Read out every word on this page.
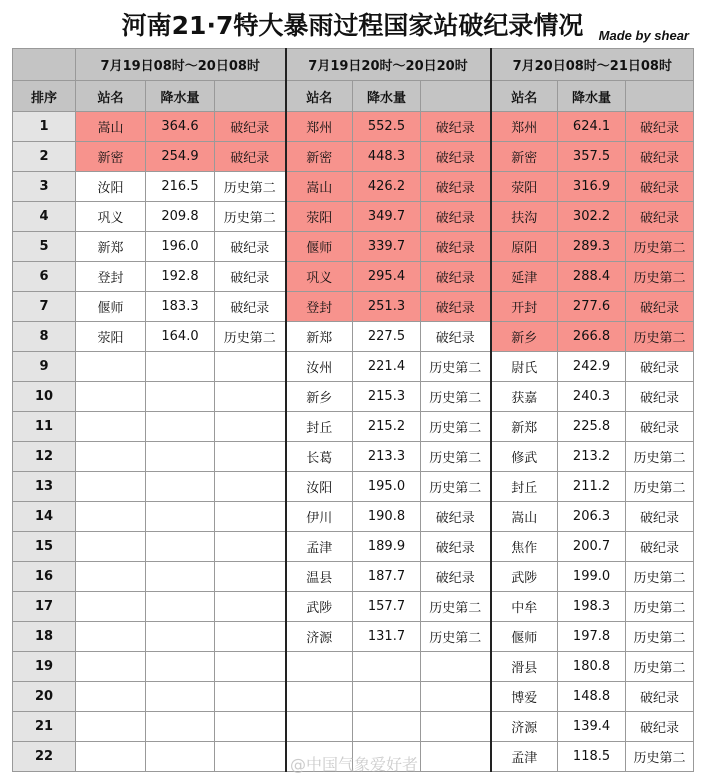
河南21·7特大暴雨过程国家站破纪录情况	Made by shear
	7月19日08时～20日08时			7月19日20时～20日20时			7月20日08时～21日08时		
排序	站名	降水量		站名	降水量		站名	降水量	
1	嵩山	364.6	破纪录	郑州	552.5	破纪录	郑州	624.1	破纪录
2	新密	254.9	破纪录	新密	448.3	破纪录	新密	357.5	破纪录
3	汝阳	216.5	历史第二	嵩山	426.2	破纪录	荥阳	316.9	破纪录
4	巩义	209.8	历史第二	荥阳	349.7	破纪录	扶沟	302.2	破纪录
5	新郑	196.0	破纪录	偃师	339.7	破纪录	原阳	289.3	历史第二
6	登封	192.8	破纪录	巩义	295.4	破纪录	延津	288.4	历史第二
7	偃师	183.3	破纪录	登封	251.3	破纪录	开封	277.6	破纪录
8	荥阳	164.0	历史第二	新郑	227.5	破纪录	新乡	266.8	历史第二
9				汝州	221.4	历史第二	尉氏	242.9	破纪录
10				新乡	215.3	历史第二	获嘉	240.3	破纪录
11				封丘	215.2	历史第二	新郑	225.8	破纪录
12				长葛	213.3	历史第二	修武	213.2	历史第二
13				汝阳	195.0	历史第二	封丘	211.2	历史第二
14				伊川	190.8	破纪录	嵩山	206.3	破纪录
15				孟津	189.9	破纪录	焦作	200.7	破纪录
16				温县	187.7	破纪录	武陟	199.0	历史第二
17				武陟	157.7	历史第二	中牟	198.3	历史第二
18				济源	131.7	历史第二	偃师	197.8	历史第二
19							滑县	180.8	历史第二
20							博爱	148.8	破纪录
21							济源	139.4	破纪录
22							孟津	118.5	历史第二
@中国气象爱好者
